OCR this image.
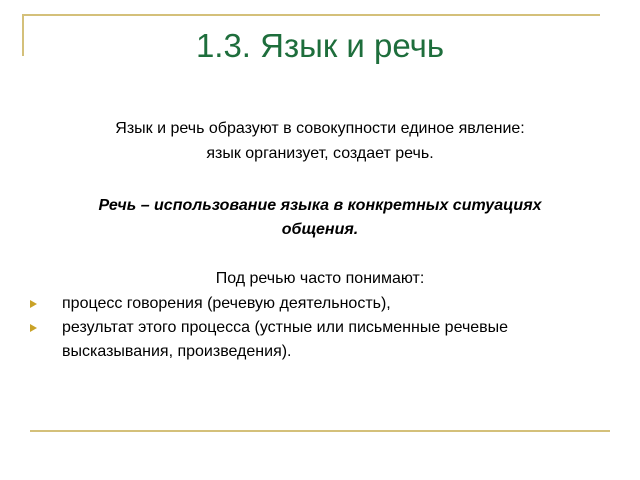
1.3. Язык и речь
Язык и речь образуют в совокупности единое явление:
язык организует, создает речь.
Речь – использование языка в конкретных ситуациях общения.
Под речью часто понимают:
процесс говорения (речевую деятельность),
результат этого процесса (устные или письменные речевые высказывания, произведения).
